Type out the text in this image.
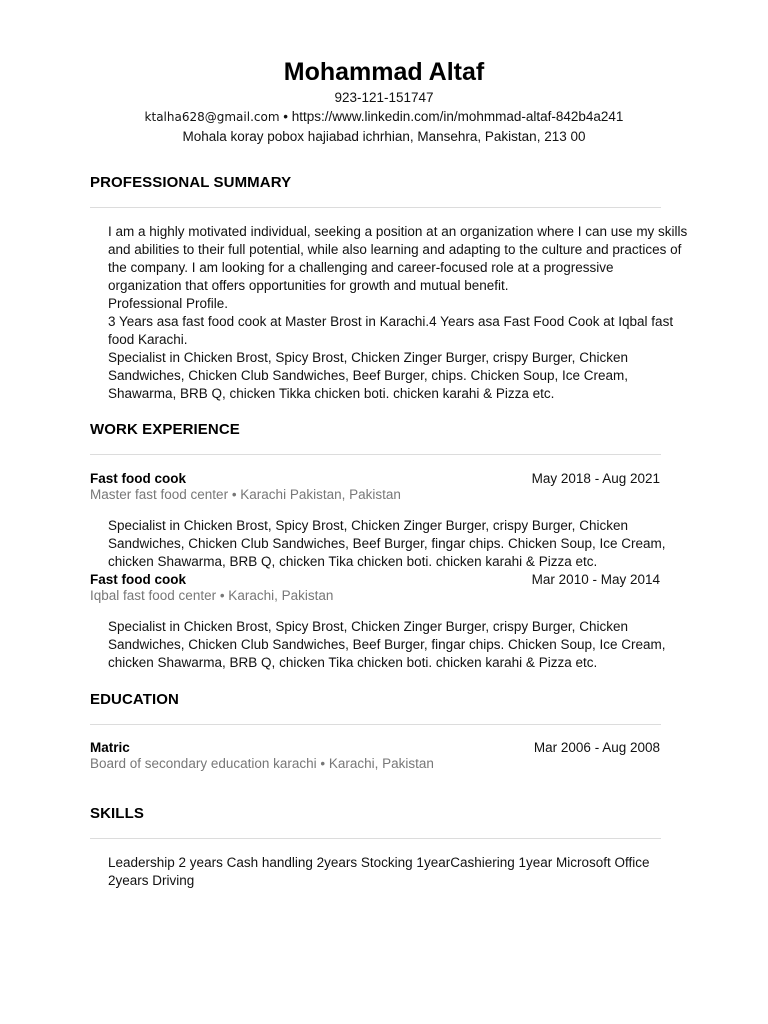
Mohammad Altaf
923-121-151747
ktalha628@gmail.com • https://www.linkedin.com/in/mohmmad-altaf-842b4a241
Mohala koray pobox hajiabad ichrhian, Mansehra, Pakistan, 213 00
PROFESSIONAL SUMMARY
I am a highly motivated individual, seeking a position at an organization where I can use my skills
and abilities to their full potential, while also learning and adapting to the culture and practices of
the company. I am looking for a challenging and career-focused role at a progressive
organization that offers opportunities for growth and mutual benefit.
Professional Profile.
3 Years asa fast food cook at Master Brost in Karachi.4 Years asa Fast Food Cook at Iqbal fast
food Karachi.
Specialist in Chicken Brost, Spicy Brost, Chicken Zinger Burger, crispy Burger, Chicken
Sandwiches, Chicken Club Sandwiches, Beef Burger, chips. Chicken Soup, Ice Cream,
Shawarma, BRB Q, chicken Tikka chicken boti. chicken karahi & Pizza etc.
WORK EXPERIENCE
Fast food cook	May 2018 - Aug 2021
Master fast food center • Karachi Pakistan, Pakistan
Specialist in Chicken Brost, Spicy Brost, Chicken Zinger Burger, crispy Burger, Chicken
Sandwiches, Chicken Club Sandwiches, Beef Burger, fingar chips. Chicken Soup, Ice Cream,
chicken Shawarma, BRB Q, chicken Tika chicken boti. chicken karahi & Pizza etc.
Fast food cook	Mar 2010 - May 2014
Iqbal fast food center • Karachi, Pakistan
Specialist in Chicken Brost, Spicy Brost, Chicken Zinger Burger, crispy Burger, Chicken
Sandwiches, Chicken Club Sandwiches, Beef Burger, fingar chips. Chicken Soup, Ice Cream,
chicken Shawarma, BRB Q, chicken Tika chicken boti. chicken karahi & Pizza etc.
EDUCATION
Matric	Mar 2006 - Aug 2008
Board of secondary education karachi • Karachi, Pakistan
SKILLS
Leadership 2 years Cash handling 2years Stocking 1yearCashiering 1year Microsoft Office
2years Driving
